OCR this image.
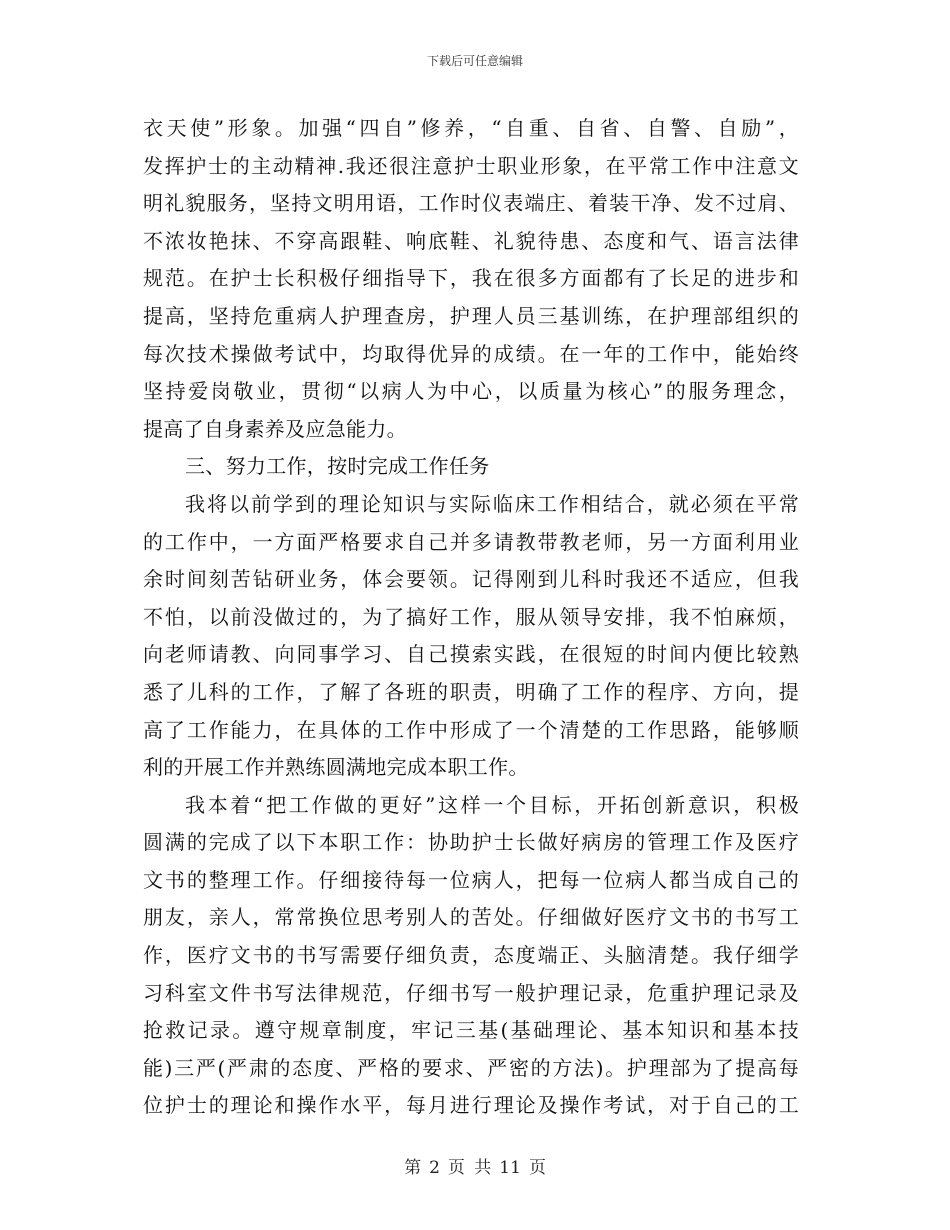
下载后可任意编辑
衣天使”形象。加强“四自”修养，“自重、自省、自警、自励”，
发挥护士的主动精神.我还很注意护士职业形象，在平常工作中注意文
明礼貌服务，坚持文明用语，工作时仪表端庄、着装干净、发不过肩、
不浓妆艳抹、不穿高跟鞋、响底鞋、礼貌待患、态度和气、语言法律
规范。在护士长积极仔细指导下，我在很多方面都有了长足的进步和
提高，坚持危重病人护理查房，护理人员三基训练，在护理部组织的
每次技术操做考试中，均取得优异的成绩。在一年的工作中，能始终
坚持爱岗敬业，贯彻“以病人为中心，以质量为核心”的服务理念，
提高了自身素养及应急能力。
三、努力工作，按时完成工作任务
我将以前学到的理论知识与实际临床工作相结合，就必须在平常
的工作中，一方面严格要求自己并多请教带教老师，另一方面利用业
余时间刻苦钻研业务，体会要领。记得刚到儿科时我还不适应，但我
不怕，以前没做过的，为了搞好工作，服从领导安排，我不怕麻烦，
向老师请教、向同事学习、自己摸索实践，在很短的时间内便比较熟
悉了儿科的工作，了解了各班的职责，明确了工作的程序、方向，提
高了工作能力，在具体的工作中形成了一个清楚的工作思路，能够顺
利的开展工作并熟练圆满地完成本职工作。
我本着“把工作做的更好”这样一个目标，开拓创新意识，积极
圆满的完成了以下本职工作：协助护士长做好病房的管理工作及医疗
文书的整理工作。仔细接待每一位病人，把每一位病人都当成自己的
朋友，亲人，常常换位思考别人的苦处。仔细做好医疗文书的书写工
作，医疗文书的书写需要仔细负责，态度端正、头脑清楚。我仔细学
习科室文件书写法律规范，仔细书写一般护理记录，危重护理记录及
抢救记录。遵守规章制度，牢记三基(基础理论、基本知识和基本技
能)三严(严肃的态度、严格的要求、严密的方法)。护理部为了提高每
位护士的理论和操作水平，每月进行理论及操作考试，对于自己的工
第 2 页 共 11 页
